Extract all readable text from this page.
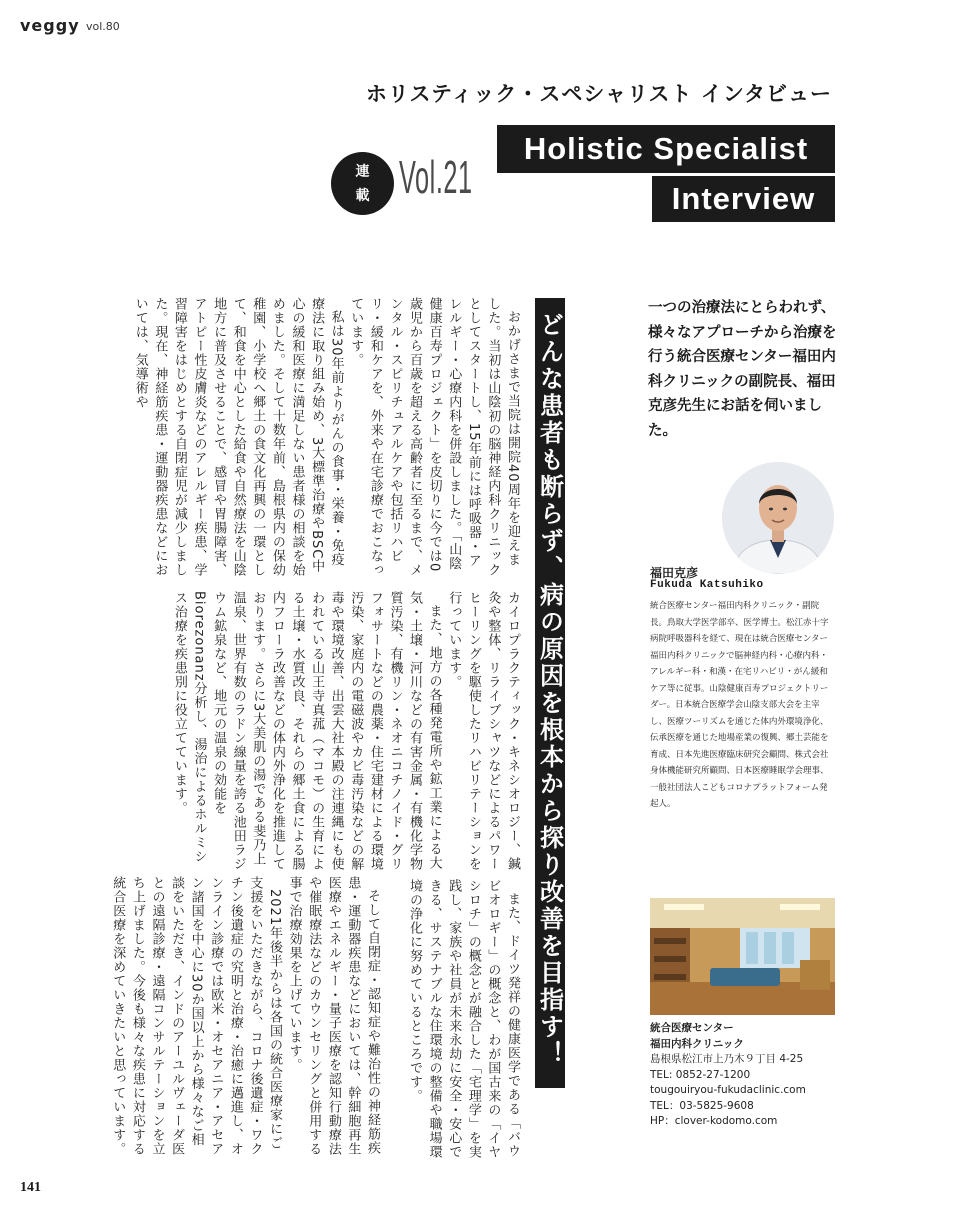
veggy vol.80
ホリスティック・スペシャリスト インタビュー
Holistic Specialist
Interview
連
載 Vol.21
どんな患者も断らず、病の原因を根本から探り改善を目指す！
一つの治療法にとらわれず、様々なアプローチから治療を行う統合医療センター福田内科クリニックの副院長、福田克彦先生にお話を伺いました。
福田克彦
Fukuda Katsuhiko
統合医療センター福田内科クリニック・副院長。鳥取大学医学部卒、医学博士。松江赤十字病院呼吸器科を経て、現在は統合医療センター福田内科クリニックで脳神経内科・心療内科・アレルギー科・和漢・在宅リハビリ・がん緩和ケア等に従事。山陰健康百寿プロジェクトリーダー。日本統合医療学会山陰支部大会を主宰し、医療ツーリズムを通じた体内外環境浄化、伝承医療を通じた地場産業の復興、郷土芸能を育成、日本先進医療臨床研究会顧問、株式会社身体機能研究所顧問、日本医療睡眠学会理事、一般社団法人こどもコロナプラットフォーム発起人。
統合医療センター
福田内科クリニック
島根県松江市上乃木９丁目 4-25
TEL: 0852-27-1200
tougouiryou-fukudaclinic.com
TEL：03-5825-9608
HP：clover-kodomo.com

おかげさまで当院は開院40周年を迎えました。当初は山陰初の脳神経内科クリニックとしてスタートし、15年前には呼吸器・アレルギー・心療内科を併設しました。「山陰健康百寿プロジェクト」を皮切りに今では0歳児から百歳を超える高齢者に至るまで、メンタル・スピリチュアルケアや包括リハビリ・緩和ケアを、外来や在宅診療でおこなっています。

私は30年前よりがんの食事・栄養・免疫療法に取り組み始め、3大標準治療やBSC中心の緩和医療に満足しない患者様の相談を始めました。そして十数年前、島根県内の保幼稚園、小学校へ郷土の食文化再興の一環として、和食を中心とした給食や自然療法を山陰地方に普及させることで、感冒や胃腸障害、アトピー性皮膚炎などのアレルギー疾患、学習障害をはじめとする自閉症児が減少しました。現在、神経筋疾患・運動器疾患などにおいては、気導術や

カイロプラクティック・キネシオロジー、鍼灸や整体、リライブシャツなどによるパワーヒーリングを駆使したリハビリテーションを行っています。

また、地方の各種発電所や鉱工業による大気・土壌・河川などの有害金属・有機化学物質汚染、有機リン・ネオニコチノイド・グリフォサートなどの農薬・住宅建材による環境汚染、家庭内の電磁波やカビ毒汚染などの解毒や環境改善、出雲大社本殿の注連縄にも使われている山王寺真菰（マコモ）の生育による土壌・水質改良、それらの郷土食による腸内フローラ改善などの体内外浄化を推進しております。さらに3大美肌の湯である斐乃上温泉、世界有数のラドン線量を誇る池田ラジウム鉱泉など、地元の温泉の効能をBiorezonanz分析し、湯治によるホルミシス治療を疾患別に役立てています。

また、ドイツ発祥の健康医学である「バウビオロギー」の概念と、わが国古来の「イヤシロチ」の概念とが融合した「宅理学」を実践し、家族や社員が未来永劫に安全・安心できる、サステナブルな住環境の整備や職場環境の浄化に努めているところです。

そして自閉症・認知症や難治性の神経筋疾患・運動器疾患などにおいては、幹細胞再生医療やエネルギー・量子医療を認知行動療法や催眠療法などのカウンセリングと併用する事で治療効果を上げています。

2021年後半からは各国の統合医療家にご支援をいただきながら、コロナ後遺症・ワクチン後遺症の究明と治療・治癒に邁進し、オンライン診療では欧米・オセアニア・アセアン諸国を中心に30か国以上から様々なご相談をいただき、インドのアーユルヴェーダ医との遠隔診療・遠隔コンサルテーションを立ち上げました。今後も様々な疾患に対応する統合医療を深めていきたいと思っています。

141
